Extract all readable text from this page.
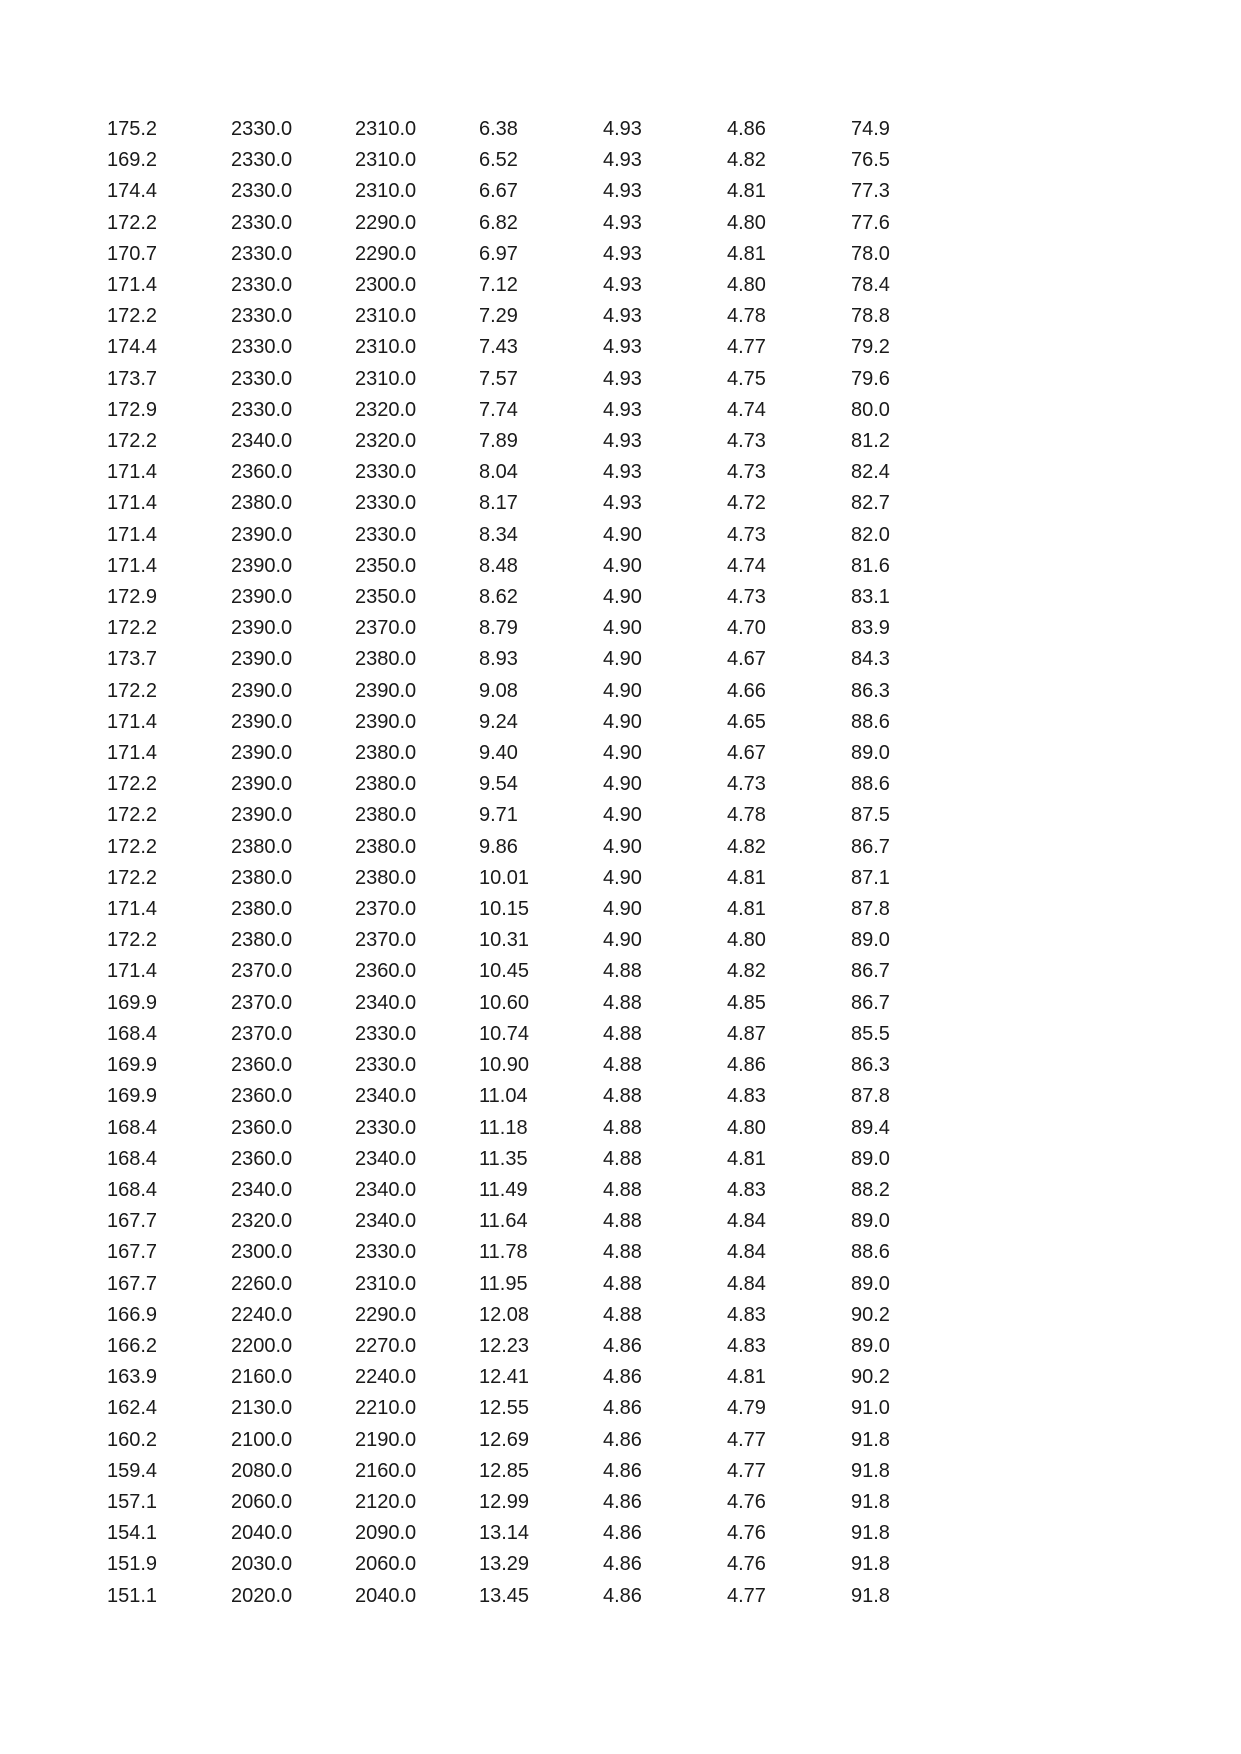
175.2	2330.0	2310.0	6.38	4.93	4.86	74.9
169.2	2330.0	2310.0	6.52	4.93	4.82	76.5
174.4	2330.0	2310.0	6.67	4.93	4.81	77.3
172.2	2330.0	2290.0	6.82	4.93	4.80	77.6
170.7	2330.0	2290.0	6.97	4.93	4.81	78.0
171.4	2330.0	2300.0	7.12	4.93	4.80	78.4
172.2	2330.0	2310.0	7.29	4.93	4.78	78.8
174.4	2330.0	2310.0	7.43	4.93	4.77	79.2
173.7	2330.0	2310.0	7.57	4.93	4.75	79.6
172.9	2330.0	2320.0	7.74	4.93	4.74	80.0
172.2	2340.0	2320.0	7.89	4.93	4.73	81.2
171.4	2360.0	2330.0	8.04	4.93	4.73	82.4
171.4	2380.0	2330.0	8.17	4.93	4.72	82.7
171.4	2390.0	2330.0	8.34	4.90	4.73	82.0
171.4	2390.0	2350.0	8.48	4.90	4.74	81.6
172.9	2390.0	2350.0	8.62	4.90	4.73	83.1
172.2	2390.0	2370.0	8.79	4.90	4.70	83.9
173.7	2390.0	2380.0	8.93	4.90	4.67	84.3
172.2	2390.0	2390.0	9.08	4.90	4.66	86.3
171.4	2390.0	2390.0	9.24	4.90	4.65	88.6
171.4	2390.0	2380.0	9.40	4.90	4.67	89.0
172.2	2390.0	2380.0	9.54	4.90	4.73	88.6
172.2	2390.0	2380.0	9.71	4.90	4.78	87.5
172.2	2380.0	2380.0	9.86	4.90	4.82	86.7
172.2	2380.0	2380.0	10.01	4.90	4.81	87.1
171.4	2380.0	2370.0	10.15	4.90	4.81	87.8
172.2	2380.0	2370.0	10.31	4.90	4.80	89.0
171.4	2370.0	2360.0	10.45	4.88	4.82	86.7
169.9	2370.0	2340.0	10.60	4.88	4.85	86.7
168.4	2370.0	2330.0	10.74	4.88	4.87	85.5
169.9	2360.0	2330.0	10.90	4.88	4.86	86.3
169.9	2360.0	2340.0	11.04	4.88	4.83	87.8
168.4	2360.0	2330.0	11.18	4.88	4.80	89.4
168.4	2360.0	2340.0	11.35	4.88	4.81	89.0
168.4	2340.0	2340.0	11.49	4.88	4.83	88.2
167.7	2320.0	2340.0	11.64	4.88	4.84	89.0
167.7	2300.0	2330.0	11.78	4.88	4.84	88.6
167.7	2260.0	2310.0	11.95	4.88	4.84	89.0
166.9	2240.0	2290.0	12.08	4.88	4.83	90.2
166.2	2200.0	2270.0	12.23	4.86	4.83	89.0
163.9	2160.0	2240.0	12.41	4.86	4.81	90.2
162.4	2130.0	2210.0	12.55	4.86	4.79	91.0
160.2	2100.0	2190.0	12.69	4.86	4.77	91.8
159.4	2080.0	2160.0	12.85	4.86	4.77	91.8
157.1	2060.0	2120.0	12.99	4.86	4.76	91.8
154.1	2040.0	2090.0	13.14	4.86	4.76	91.8
151.9	2030.0	2060.0	13.29	4.86	4.76	91.8
151.1	2020.0	2040.0	13.45	4.86	4.77	91.8
